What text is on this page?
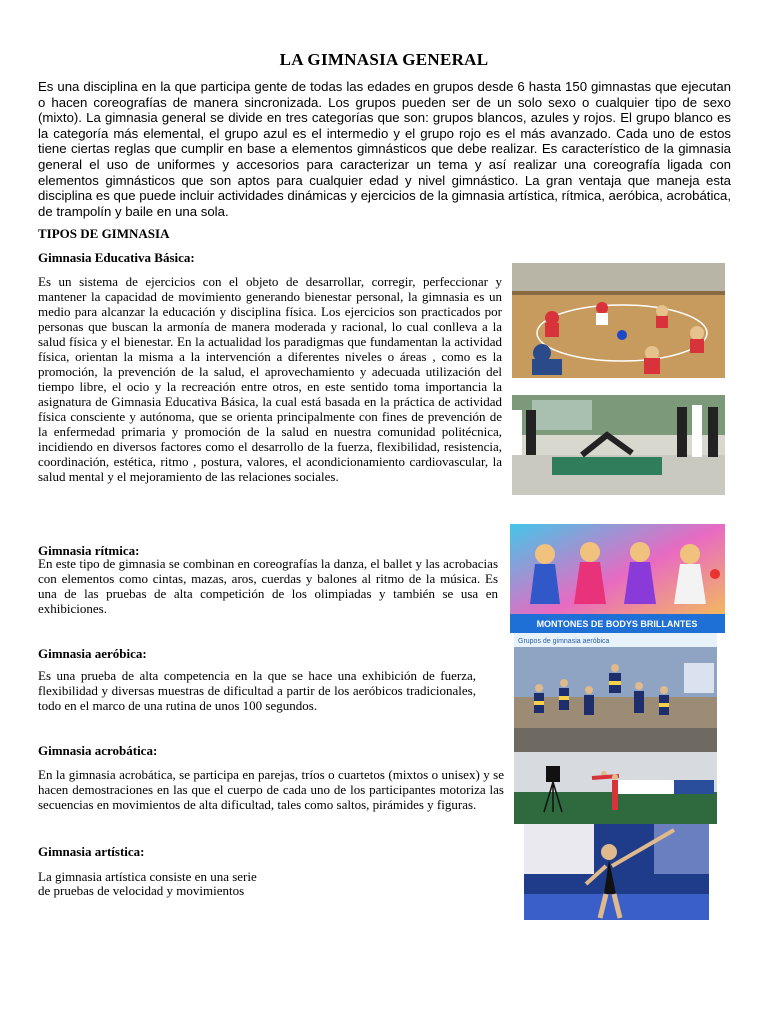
LA GIMNASIA GENERAL
Es una disciplina en la que participa gente de todas las edades en grupos desde 6 hasta 150 gimnastas que ejecutan o hacen coreografías de manera sincronizada. Los grupos pueden ser de un solo sexo o cualquier tipo de sexo (mixto). La gimnasia general se divide en tres categorías que son: grupos blancos, azules y rojos. El grupo blanco es la categoría más elemental, el grupo azul es el intermedio y el grupo rojo es el más avanzado. Cada uno de estos tiene ciertas reglas que cumplir en base a elementos gimnásticos que debe realizar. Es característico de la gimnasia general el uso de uniformes y accesorios para caracterizar un tema y así realizar una coreografía ligada con elementos gimnásticos que son aptos para cualquier edad y nivel gimnástico. La gran ventaja que maneja esta disciplina es que puede incluir actividades dinámicas y ejercicios de la gimnasia artística, rítmica, aeróbica, acrobática, de trampolín y baile en una sola.
TIPOS DE GIMNASIA
Gimnasia Educativa Básica:
Es un sistema de ejercicios con el objeto de desarrollar, corregir, perfeccionar y mantener la capacidad de movimiento generando bienestar personal, la gimnasia es un medio para alcanzar la educación y disciplina física. Los ejercicios son practicados por personas que buscan la armonía de manera moderada y racional, lo cual conlleva a la salud física y el bienestar. En la actualidad los paradigmas que fundamentan la actividad física, orientan la misma a la intervención a diferentes niveles o áreas , como es la promoción, la prevención de la salud, el aprovechamiento y adecuada utilización del tiempo libre, el ocio y la recreación entre otros, en este sentido toma importancia la asignatura de Gimnasia Educativa Básica, la cual está basada en la práctica de actividad física consciente y autónoma, que se orienta principalmente con fines de prevención de la enfermedad primaria y promoción de la salud en nuestra comunidad politécnica, incidiendo en diversos factores como el desarrollo de la fuerza, flexibilidad, resistencia, coordinación, estética, ritmo , postura, valores, el acondicionamiento cardiovascular, la salud mental y el mejoramiento de las relaciones sociales.
Gimnasia rítmica:
En este tipo de gimnasia se combinan en coreografías la danza, el ballet y las acrobacias con elementos como cintas, mazas, aros, cuerdas y balones al ritmo de la música. Es una de las pruebas de alta competición de los olimpiadas y también se usa en exhibiciones.
MONTONES DE BODYS BRILLANTES
Gimnasia aeróbica:
Es una prueba de alta competencia en la que se hace una exhibición de fuerza, flexibilidad y diversas muestras de dificultad a partir de los aeróbicos tradicionales, todo en el marco de una rutina de unos 100 segundos.
Grupos de gimnasia aeróbica
Gimnasia acrobática:
En la gimnasia acrobática, se participa en parejas, tríos o cuartetos (mixtos o unisex) y se hacen demostraciones en las que el cuerpo de cada uno de los participantes motoriza las secuencias en movimientos de alta dificultad, tales como saltos, pirámides y figuras.
Gimnasia artística:
La gimnasia artística consiste en una serie
de pruebas de velocidad y movimientos
